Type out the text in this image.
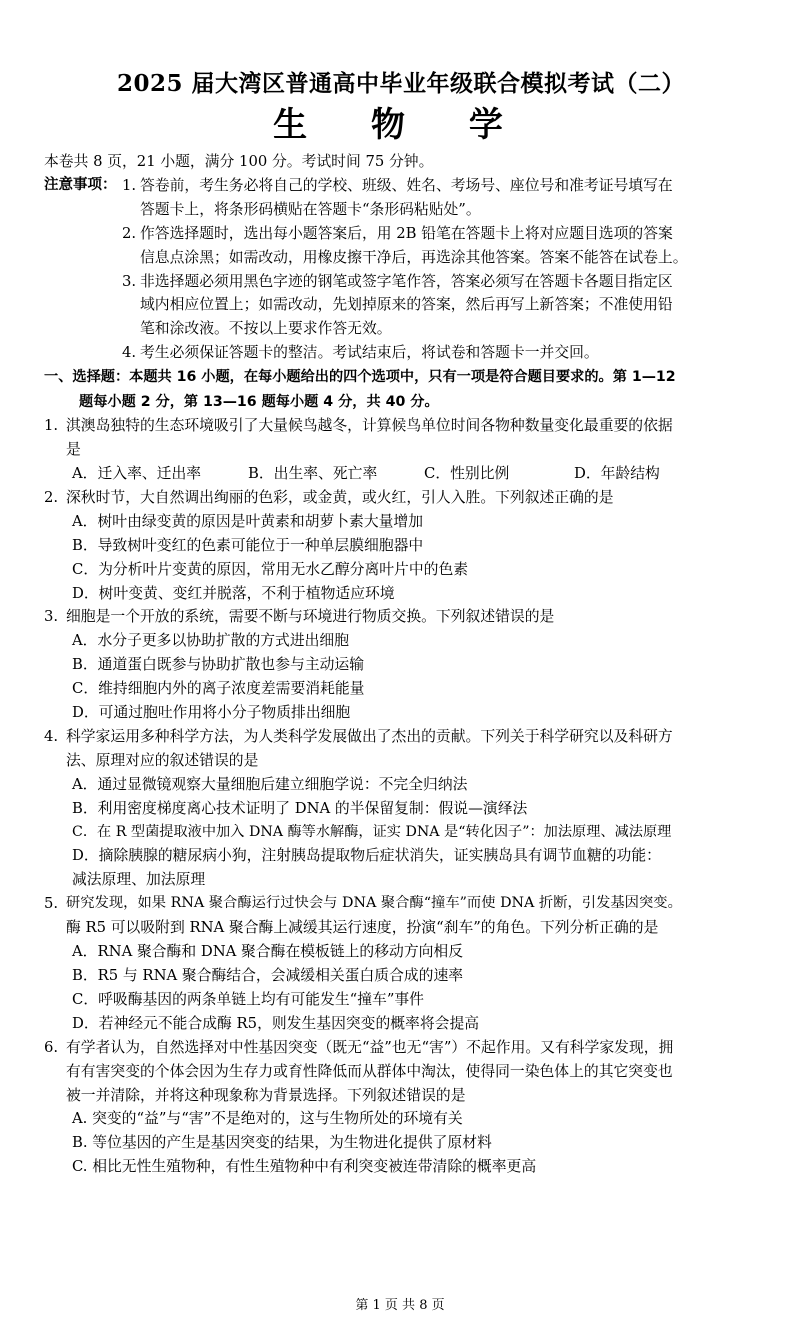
2025 届大湾区普通高中毕业年级联合模拟考试（二）
生 物 学
本卷共 8 页，21 小题，满分 100 分。考试时间 75 分钟。
注意事项： 1. 答卷前，考生务必将自己的学校、班级、姓名、考场号、座位号和准考证号填写在
答题卡上，将条形码横贴在答题卡“条形码粘贴处”。
2. 作答选择题时，选出每小题答案后，用 2B 铅笔在答题卡上将对应题目选项的答案
信息点涂黑；如需改动，用橡皮擦干净后，再选涂其他答案。答案不能答在试卷上。
3. 非选择题必须用黑色字迹的钢笔或签字笔作答，答案必须写在答题卡各题目指定区
域内相应位置上；如需改动，先划掉原来的答案，然后再写上新答案；不准使用铅
笔和涂改液。不按以上要求作答无效。
4. 考生必须保证答题卡的整洁。考试结束后，将试卷和答题卡一并交回。
一、选择题：本题共 16 小题，在每小题给出的四个选项中，只有一项是符合题目要求的。第 1—12
题每小题 2 分，第 13—16 题每小题 4 分，共 40 分。
1. 淇澳岛独特的生态环境吸引了大量候鸟越冬，计算候鸟单位时间各物种数量变化最重要的依据
是
A．迁入率、迁出率	B．出生率、死亡率	C．性别比例	D．年龄结构
2. 深秋时节，大自然调出绚丽的色彩，或金黄，或火红，引人入胜。下列叙述正确的是
A．树叶由绿变黄的原因是叶黄素和胡萝卜素大量增加
B．导致树叶变红的色素可能位于一种单层膜细胞器中
C．为分析叶片变黄的原因，常用无水乙醇分离叶片中的色素
D．树叶变黄、变红并脱落，不利于植物适应环境
3. 细胞是一个开放的系统，需要不断与环境进行物质交换。下列叙述错误的是
A．水分子更多以协助扩散的方式进出细胞
B．通道蛋白既参与协助扩散也参与主动运输
C．维持细胞内外的离子浓度差需要消耗能量
D．可通过胞吐作用将小分子物质排出细胞
4. 科学家运用多种科学方法，为人类科学发展做出了杰出的贡献。下列关于科学研究以及科研方
法、原理对应的叙述错误的是
A．通过显微镜观察大量细胞后建立细胞学说：不完全归纳法
B．利用密度梯度离心技术证明了 DNA 的半保留复制：假说—演绎法
C．在 R 型菌提取液中加入 DNA 酶等水解酶，证实 DNA 是“转化因子”：加法原理、减法原理
D．摘除胰腺的糖尿病小狗，注射胰岛提取物后症状消失，证实胰岛具有调节血糖的功能：
减法原理、加法原理
5. 研究发现，如果 RNA 聚合酶运行过快会与 DNA 聚合酶“撞车”而使 DNA 折断，引发基因突变。
酶 R5 可以吸附到 RNA 聚合酶上减缓其运行速度，扮演“刹车”的角色。下列分析正确的是
A．RNA 聚合酶和 DNA 聚合酶在模板链上的移动方向相反
B．R5 与 RNA 聚合酶结合，会减缓相关蛋白质合成的速率
C．呼吸酶基因的两条单链上均有可能发生“撞车”事件
D．若神经元不能合成酶 R5，则发生基因突变的概率将会提高
6. 有学者认为，自然选择对中性基因突变（既无“益”也无“害”）不起作用。又有科学家发现，拥
有有害突变的个体会因为生存力或育性降低而从群体中淘汰，使得同一染色体上的其它突变也
被一并清除，并将这种现象称为背景选择。下列叙述错误的是
A. 突变的“益”与“害”不是绝对的，这与生物所处的环境有关
B. 等位基因的产生是基因突变的结果，为生物进化提供了原材料
C. 相比无性生殖物种，有性生殖物种中有利突变被连带清除的概率更高
第 1 页 共 8 页
